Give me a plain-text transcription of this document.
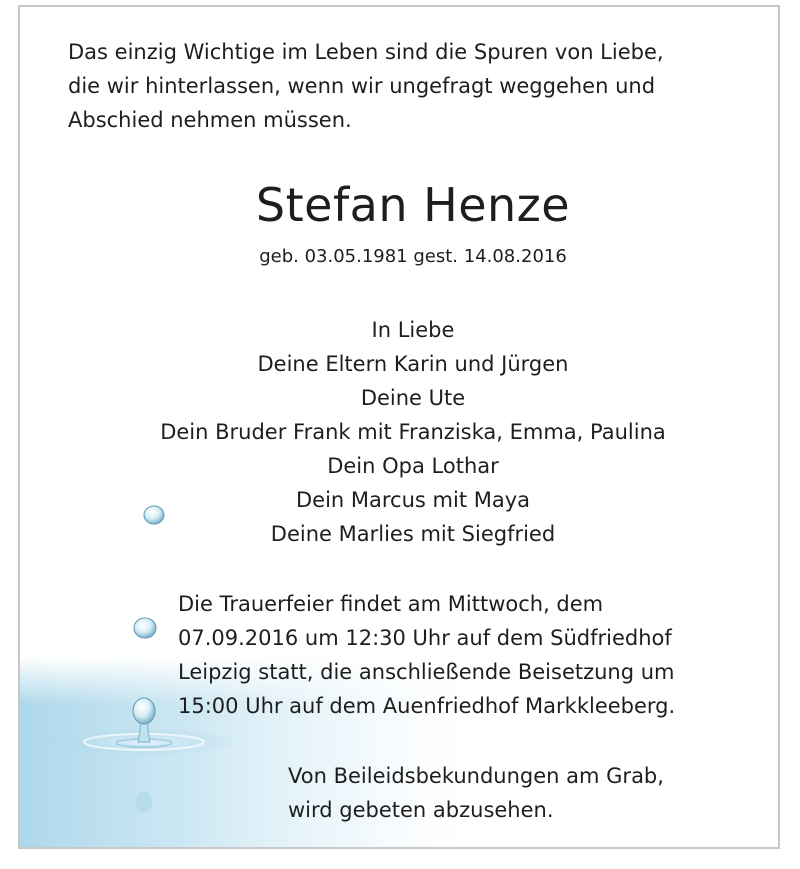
Das einzig Wichtige im Leben sind die Spuren von Liebe,
die wir hinterlassen, wenn wir ungefragt weggehen und
Abschied nehmen müssen.

Stefan Henze
geb. 03.05.1981 gest. 14.08.2016
In Liebe
Deine Eltern Karin und Jürgen
Deine Ute
Dein Bruder Frank mit Franziska, Emma, Paulina
Dein Opa Lothar
Dein Marcus mit Maya
Deine Marlies mit Siegfried
Die Trauerfeier findet am Mittwoch, dem
07.09.2016 um 12:30 Uhr auf dem Südfriedhof
Leipzig statt, die anschließende Beisetzung um
15:00 Uhr auf dem Auenfriedhof Markkleeberg.
Von Beileidsbekundungen am Grab,
wird gebeten abzusehen.
